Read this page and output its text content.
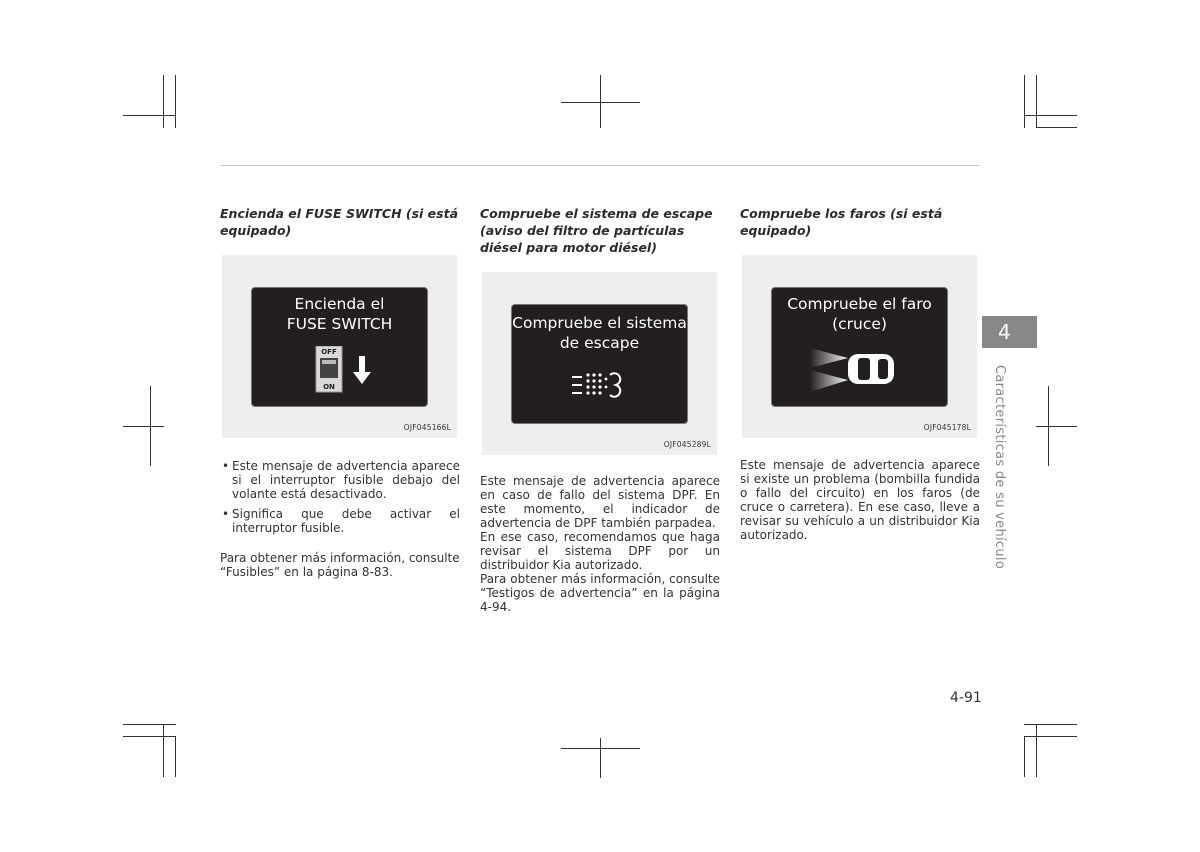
Encienda el FUSE SWITCH (si está equipado)

Encienda el
FUSE SWITCH
OFF
ON
OJF045166L

• Este mensaje de advertencia aparece si el interruptor fusible debajo del volante está desactivado.

• Significa que debe activar el interruptor fusible.

Para obtener más información, consulte “Fusibles” en la página 8-83.

Compruebe el sistema de escape (aviso del filtro de partículas diésel para motor diésel)

Compruebe el sistema
de escape
OJF045289L

Este mensaje de advertencia aparece en caso de fallo del sistema DPF. En este momento, el indicador de advertencia de DPF también parpadea.

En ese caso, recomendamos que haga revisar el sistema DPF por un distribuidor Kia autorizado.

Para obtener más información, consulte “Testigos de advertencia” en la página 4-94.

Compruebe los faros (si está equipado)

Compruebe el faro
(cruce)
OJF045178L

Este mensaje de advertencia aparece si existe un problema (bombilla fundida o fallo del circuito) en los faros (de cruce o carretera). En ese caso, lleve a revisar su vehículo a un distribuidor Kia autorizado.

4
Características de su vehículo
4-91
